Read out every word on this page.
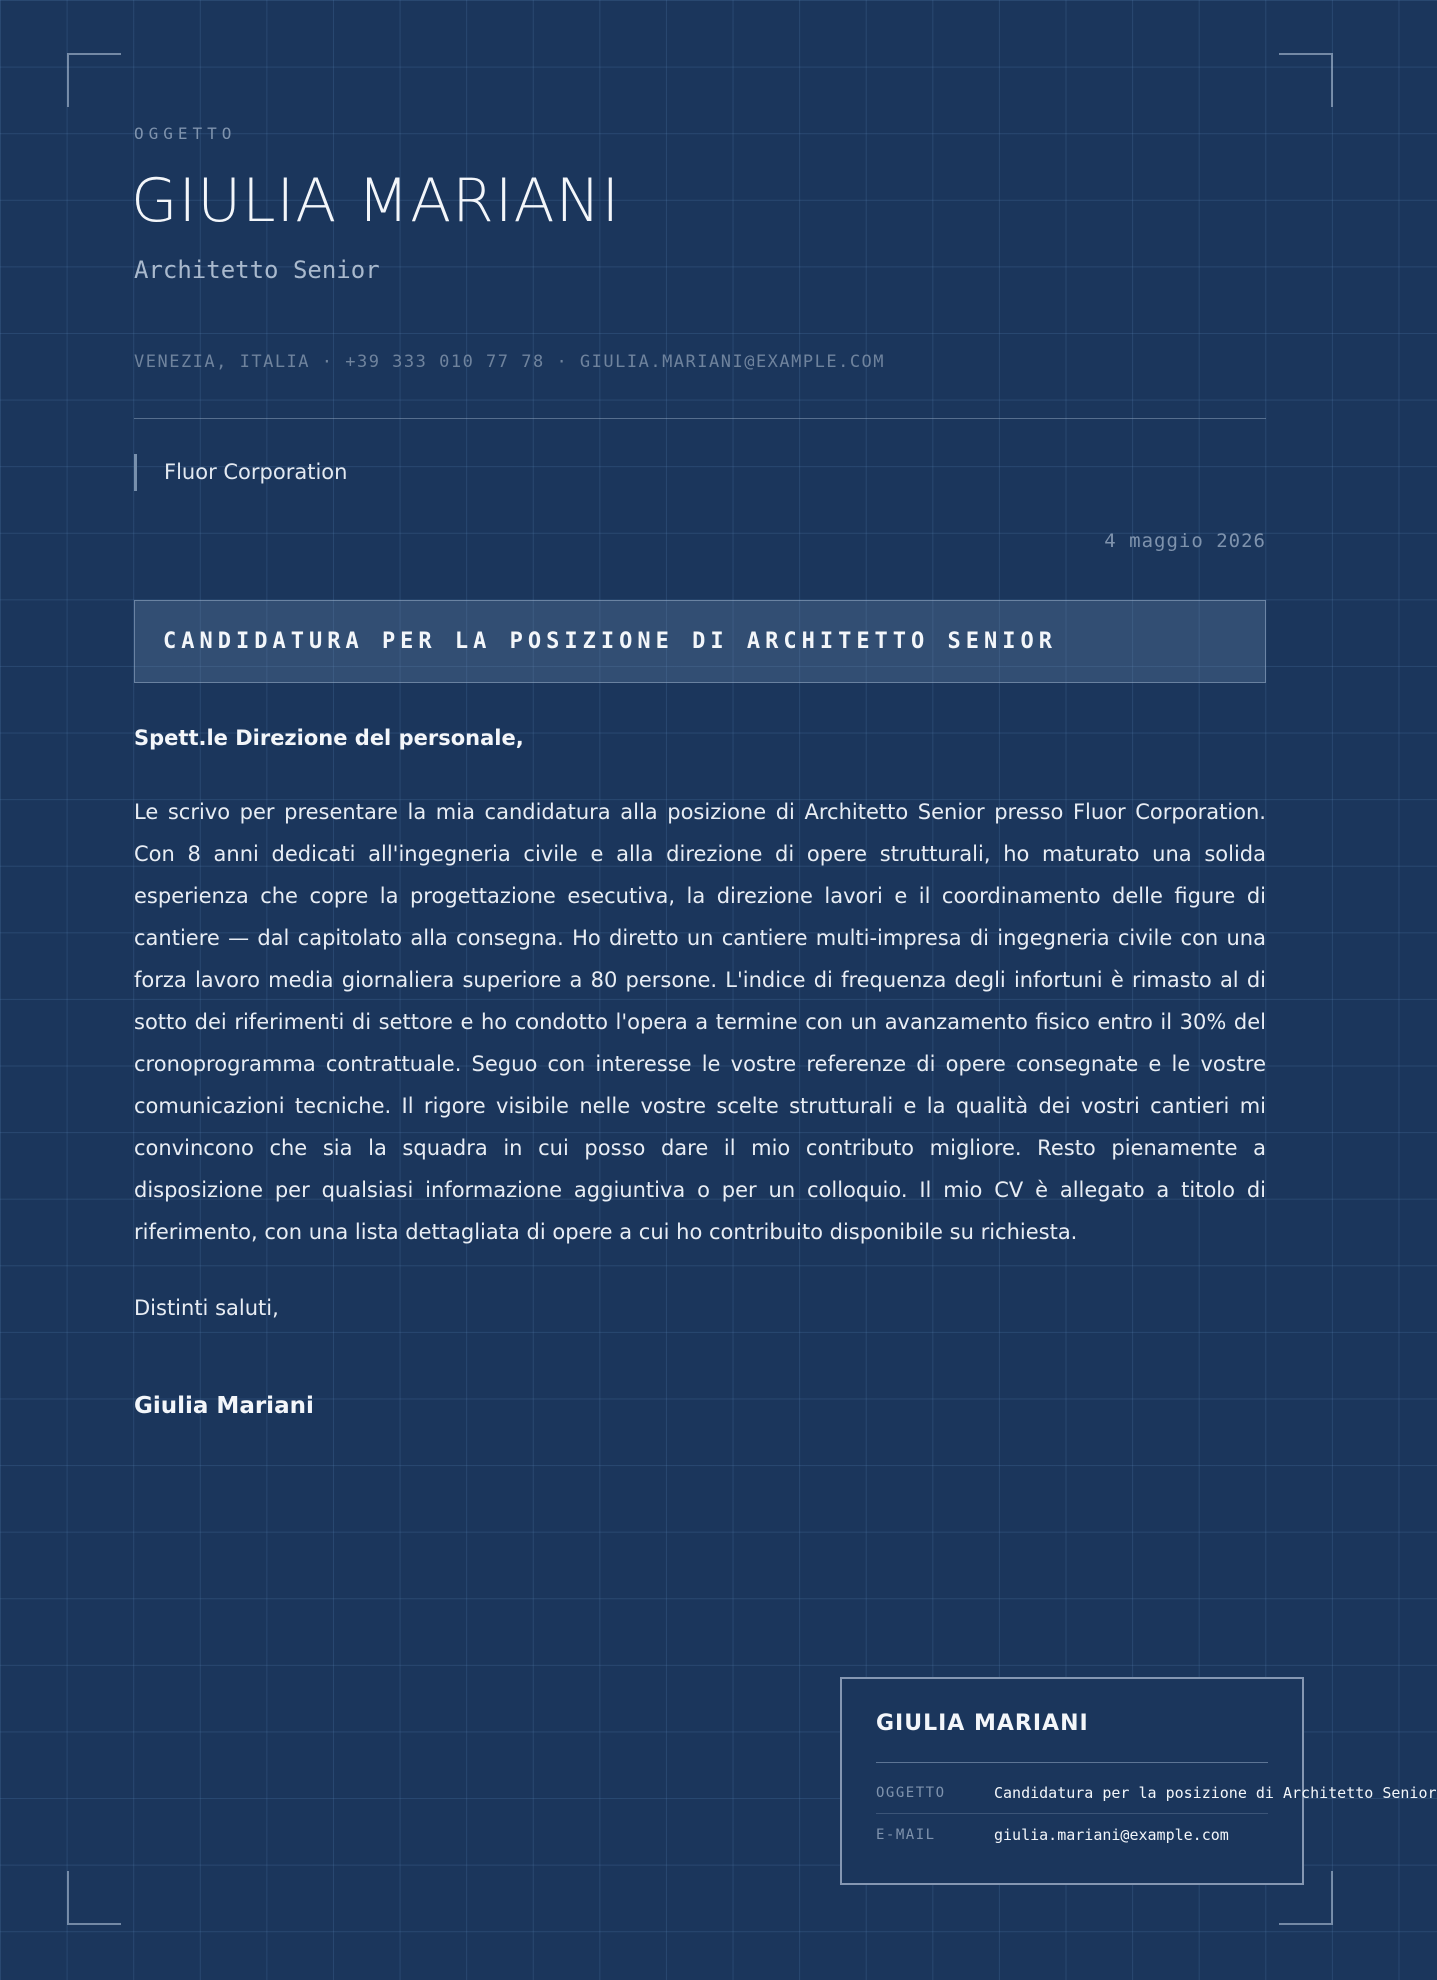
OGGETTO
GIULIA MARIANI
Architetto Senior
VENEZIA, ITALIA · +39 333 010 77 78 · GIULIA.MARIANI@EXAMPLE.COM
Fluor Corporation
4 maggio 2026
CANDIDATURA PER LA POSIZIONE DI ARCHITETTO SENIOR
Spett.le Direzione del personale,

Le scrivo per presentare la mia candidatura alla posizione di Architetto Senior presso Fluor Corporation. Con 8 anni dedicati all'ingegneria civile e alla direzione di opere strutturali, ho maturato una solida esperienza che copre la progettazione esecutiva, la direzione lavori e il coordinamento delle figure di cantiere — dal capitolato alla consegna. Ho diretto un cantiere multi-impresa di ingegneria civile con una forza lavoro media giornaliera superiore a 80 persone. L'indice di frequenza degli infortuni è rimasto al di sotto dei riferimenti di settore e ho condotto l'opera a termine con un avanzamento fisico entro il 30% del cronoprogramma contrattuale. Seguo con interesse le vostre referenze di opere consegnate e le vostre comunicazioni tecniche. Il rigore visibile nelle vostre scelte strutturali e la qualità dei vostri cantieri mi convincono che sia la squadra in cui posso dare il mio contributo migliore. Resto pienamente a disposizione per qualsiasi informazione aggiuntiva o per un colloquio. Il mio CV è allegato a titolo di riferimento, con una lista dettagliata di opere a cui ho contribuito disponibile su richiesta.

Distinti saluti,
Giulia Mariani
GIULIA MARIANI
OGGETTO	Candidatura per la posizione di Architetto Senior
E-MAIL	giulia.mariani@example.com
